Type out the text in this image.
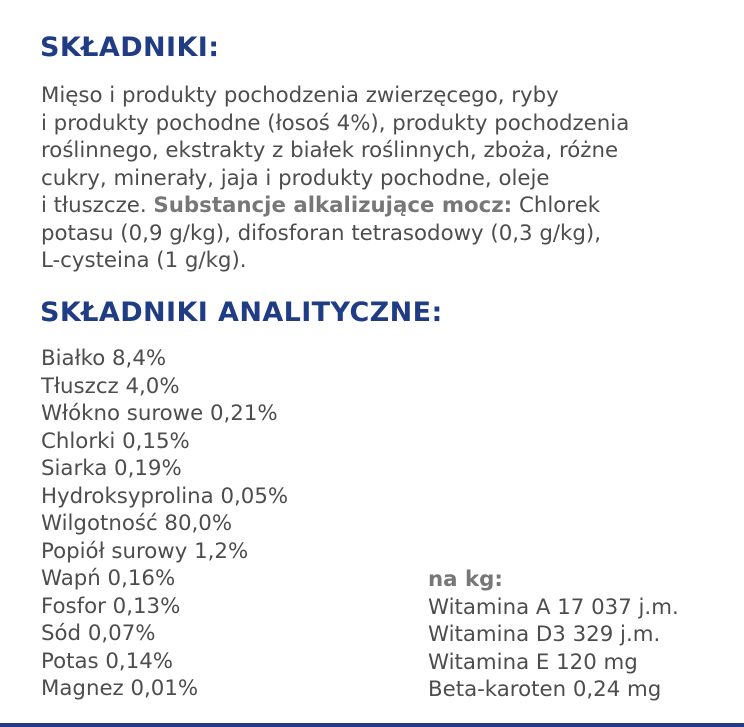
SKŁADNIKI:

Mięso i produkty pochodzenia zwierzęcego, ryby
i produkty pochodne (łosoś 4%), produkty pochodzenia
roślinnego, ekstrakty z białek roślinnych, zboża, różne
cukry, minerały, jaja i produkty pochodne, oleje
i tłuszcze. Substancje alkalizujące mocz: Chlorek
potasu (0,9 g/kg), difosforan tetrasodowy (0,3 g/kg),
L-cysteina (1 g/kg).

SKŁADNIKI ANALITYCZNE:
Białko 8,4%
Tłuszcz 4,0%
Włókno surowe 0,21%
Chlorki 0,15%
Siarka 0,19%
Hydroksyprolina 0,05%
Wilgotność 80,0%
Popiół surowy 1,2%
Wapń 0,16%
Fosfor 0,13%
Sód 0,07%
Potas 0,14%
Magnez 0,01%
na kg:
Witamina A 17 037 j.m.
Witamina D3 329 j.m.
Witamina E 120 mg
Beta-karoten 0,24 mg
